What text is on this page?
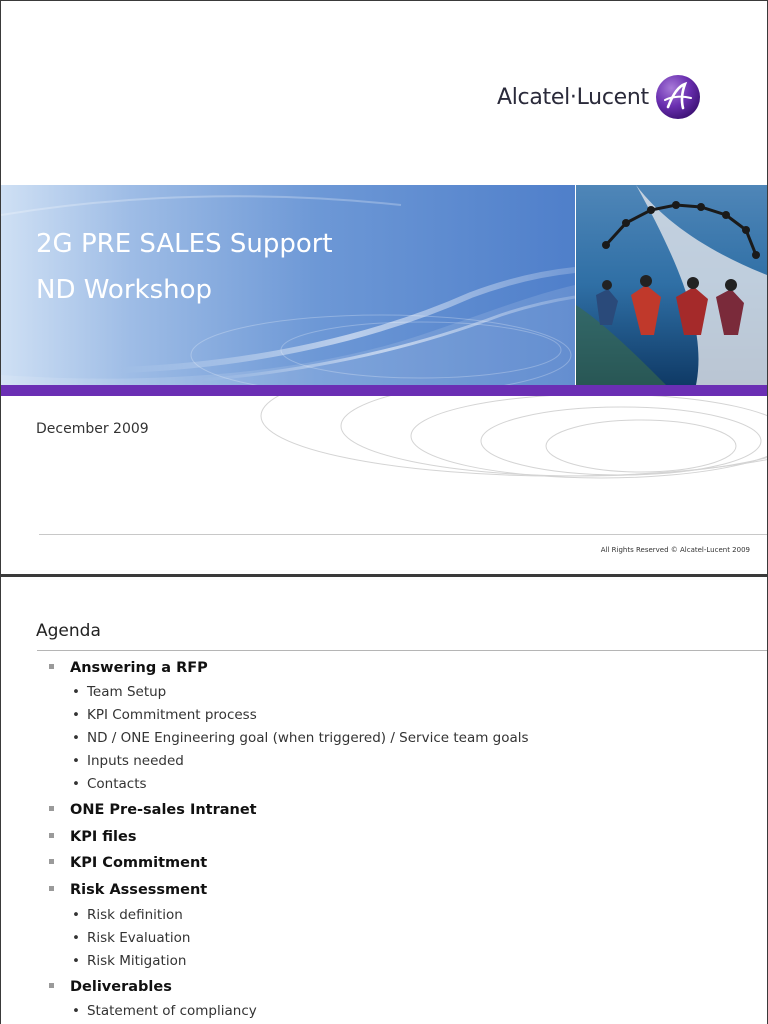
Alcatel·Lucent
2G PRE SALES Support
ND Workshop
December 2009
All Rights Reserved © Alcatel-Lucent 2009
Agenda
Answering a RFP
• Team Setup
• KPI Commitment process
• ND / ONE Engineering goal (when triggered) / Service team goals
• Inputs needed
• Contacts
ONE Pre-sales Intranet
KPI files
KPI Commitment
Risk Assessment
• Risk definition
• Risk Evaluation
• Risk Mitigation
Deliverables
• Statement of compliancy
